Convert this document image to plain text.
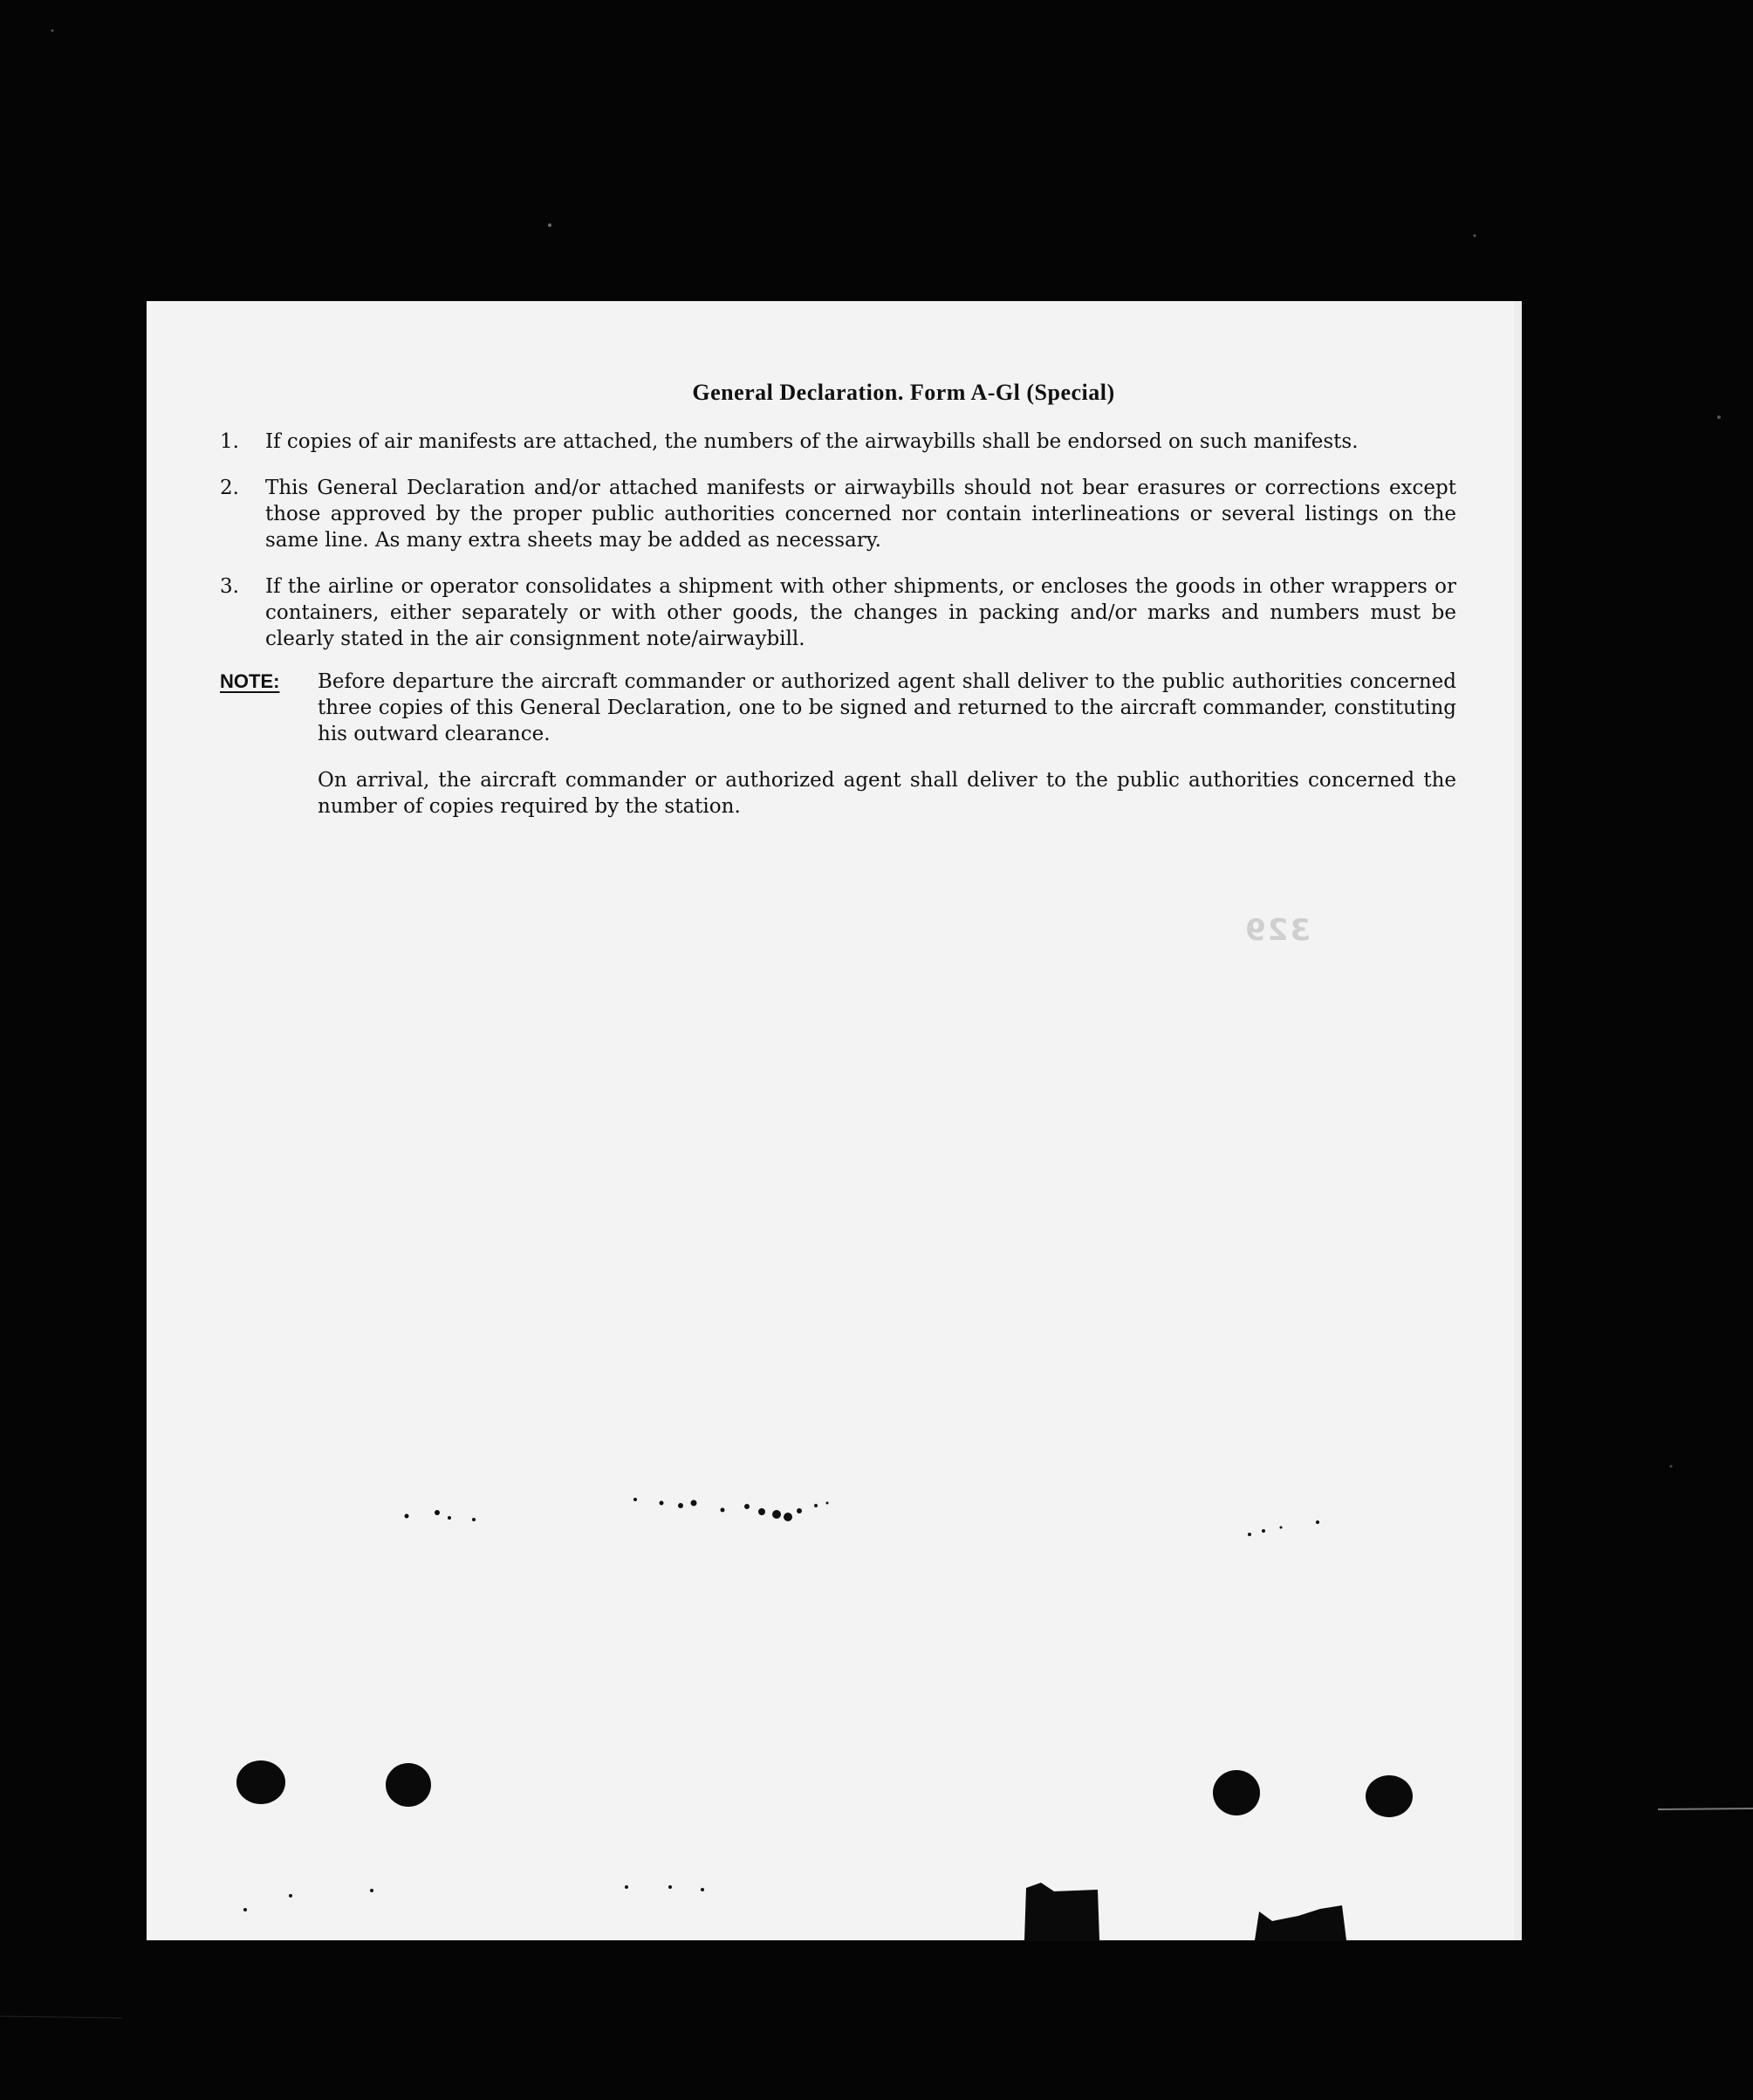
General Declaration. Form A-Gl (Special)
1.	If copies of air manifests are attached, the numbers of the airwaybills shall be endorsed on such manifests.
2.	This General Declaration and/or attached manifests or airwaybills should not bear erasures or corrections except those approved by the proper public authorities concerned nor contain interlineations or several listings on the same line. As many extra sheets may be added as necessary.
3.	If the airline or operator consolidates a shipment with other shipments, or encloses the goods in other wrappers or containers, either separately or with other goods, the changes in packing and/or marks and numbers must be clearly stated in the air consignment note/airwaybill.
NOTE:	Before departure the aircraft commander or authorized agent shall deliver to the public authorities concerned three copies of this General Declaration, one to be signed and returned to the aircraft commander, constituting his outward clearance.

On arrival, the aircraft commander or authorized agent shall deliver to the public authorities concerned the number of copies required by the station.

329
